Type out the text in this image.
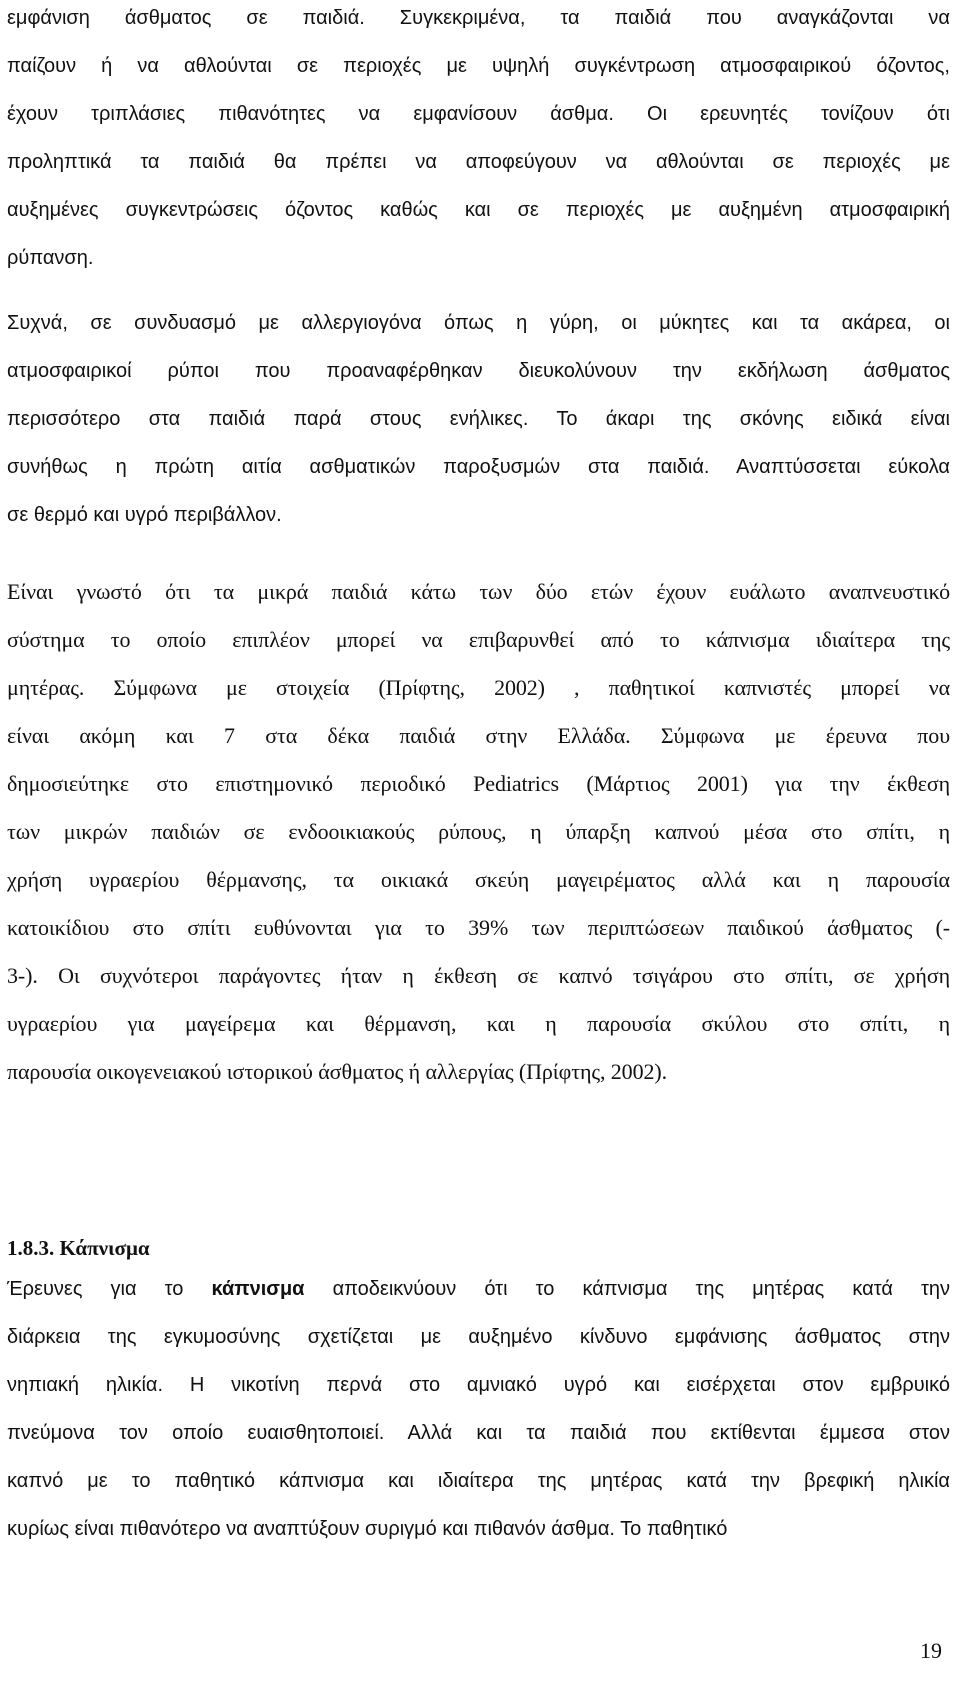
εμφάνιση άσθματος σε παιδιά. Συγκεκριμένα, τα παιδιά που αναγκάζονται να
παίζουν ή να αθλούνται σε περιοχές με υψηλή συγκέντρωση ατμοσφαιρικού όζοντος,
έχουν τριπλάσιες πιθανότητες να εμφανίσουν άσθμα. Οι ερευνητές τονίζουν ότι
προληπτικά τα παιδιά θα πρέπει να αποφεύγουν να αθλούνται σε περιοχές με
αυξημένες συγκεντρώσεις όζοντος καθώς και σε περιοχές με αυξημένη ατμοσφαιρική
ρύπανση.
Συχνά, σε συνδυασμό με αλλεργιογόνα όπως η γύρη, οι μύκητες και τα ακάρεα, οι
ατμοσφαιρικοί ρύποι που προαναφέρθηκαν διευκολύνουν την εκδήλωση άσθματος
περισσότερο στα παιδιά παρά στους ενήλικες. Το άκαρι της σκόνης ειδικά είναι
συνήθως η πρώτη αιτία ασθματικών παροξυσμών στα παιδιά. Αναπτύσσεται εύκολα
σε θερμό και υγρό περιβάλλον.
Είναι γνωστό ότι τα μικρά παιδιά κάτω των δύο ετών έχουν ευάλωτο αναπνευστικό
σύστημα το οποίο επιπλέον μπορεί να επιβαρυνθεί από το κάπνισμα ιδιαίτερα της
μητέρας. Σύμφωνα με στοιχεία (Πρίφτης, 2002) , παθητικοί καπνιστές μπορεί να
είναι ακόμη και 7 στα δέκα παιδιά στην Ελλάδα. Σύμφωνα με έρευνα που
δημοσιεύτηκε στο επιστημονικό περιοδικό Pediatrics (Μάρτιος 2001) για την έκθεση
των μικρών παιδιών σε ενδοοικιακούς ρύπους, η ύπαρξη καπνού μέσα στο σπίτι, η
χρήση υγραερίου θέρμανσης, τα οικιακά σκεύη μαγειρέματος αλλά και η παρουσία
κατοικίδιου στο σπίτι ευθύνονται για το 39% των περιπτώσεων παιδικού άσθματος (-
3-). Οι συχνότεροι παράγοντες ήταν η έκθεση σε καπνό τσιγάρου στο σπίτι, σε χρήση
υγραερίου για μαγείρεμα και θέρμανση, και η παρουσία σκύλου στο σπίτι, η
παρουσία οικογενειακού ιστορικού άσθματος ή αλλεργίας (Πρίφτης, 2002).
1.8.3. Κάπνισμα
Έρευνες για το κάπνισμα αποδεικνύουν ότι το κάπνισμα της μητέρας κατά την
διάρκεια της εγκυμοσύνης σχετίζεται με αυξημένο κίνδυνο εμφάνισης άσθματος στην
νηπιακή ηλικία. Η νικοτίνη περνά στο αμνιακό υγρό και εισέρχεται στον εμβρυικό
πνεύμονα τον οποίο ευαισθητοποιεί. Αλλά και τα παιδιά που εκτίθενται έμμεσα στον
καπνό με το παθητικό κάπνισμα και ιδιαίτερα της μητέρας κατά την βρεφική ηλικία
κυρίως είναι πιθανότερο να αναπτύξουν συριγμό και πιθανόν άσθμα. Το παθητικό
19
